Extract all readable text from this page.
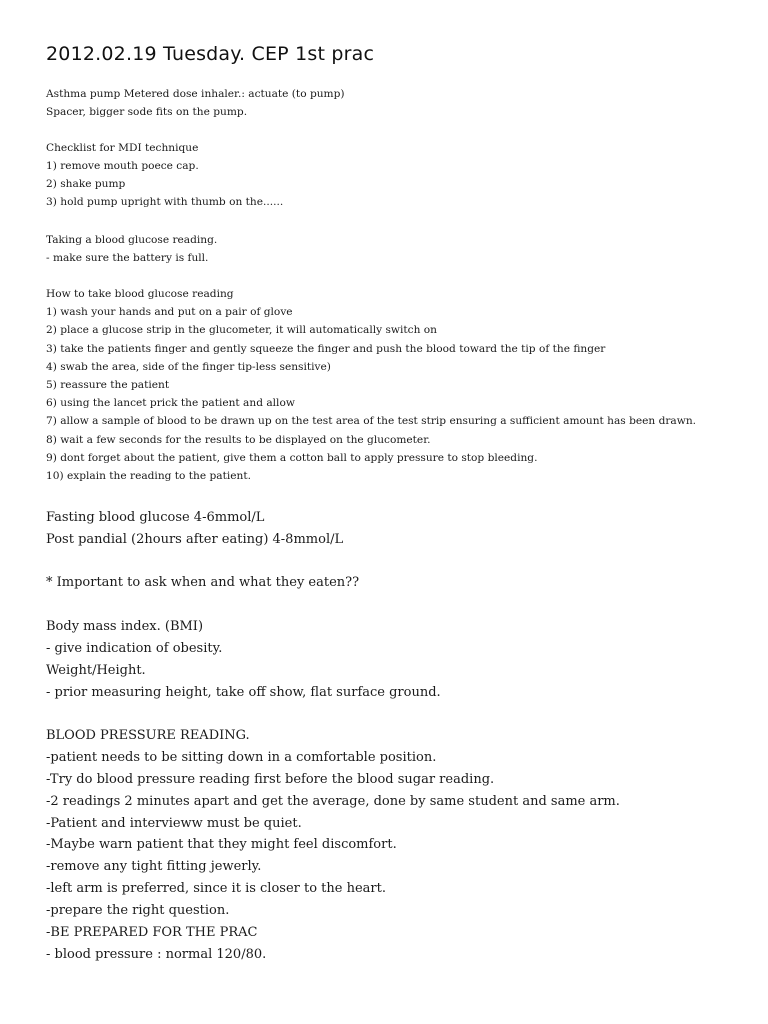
2012.02.19 Tuesday. CEP 1st prac
Asthma pump Metered dose inhaler.: actuate (to pump)
Spacer, bigger sode fits on the pump.
Checklist for MDI technique
1) remove mouth poece cap.
2) shake pump
3) hold pump upright with thumb on the......
Taking a blood glucose reading.
- make sure the battery is full.
How to take blood glucose reading
1) wash your hands and put on a pair of glove
2) place a glucose strip in the glucometer, it will automatically switch on
3) take the patients finger and gently squeeze the finger and push the blood toward the tip of the finger
4) swab the area, side of the finger tip-less sensitive)
5) reassure the patient
6) using the lancet prick the patient and allow
7) allow a sample of blood to be drawn up on the test area of the test strip ensuring a sufficient amount has been drawn.
8) wait a few seconds for the results to be displayed on the glucometer.
9) dont forget about the patient, give them a cotton ball to apply pressure to stop bleeding.
10) explain the reading to the patient.
Fasting blood glucose 4-6mmol/L
Post pandial (2hours after eating) 4-8mmol/L
* Important to ask when and what they eaten??
Body mass index. (BMI)
- give indication of obesity.
Weight/Height.
- prior measuring height, take off show, flat surface ground.
BLOOD PRESSURE READING.
-patient needs to be sitting down in a comfortable position.
-Try do blood pressure reading first before the blood sugar reading.
-2 readings 2 minutes apart and get the average, done by same student and same arm.
-Patient and intervieww must be quiet.
-Maybe warn patient that they might feel discomfort.
-remove any tight fitting jewerly.
-left arm is preferred, since it is closer to the heart.
-prepare the right question.
-BE PREPARED FOR THE PRAC
- blood pressure : normal 120/80.
